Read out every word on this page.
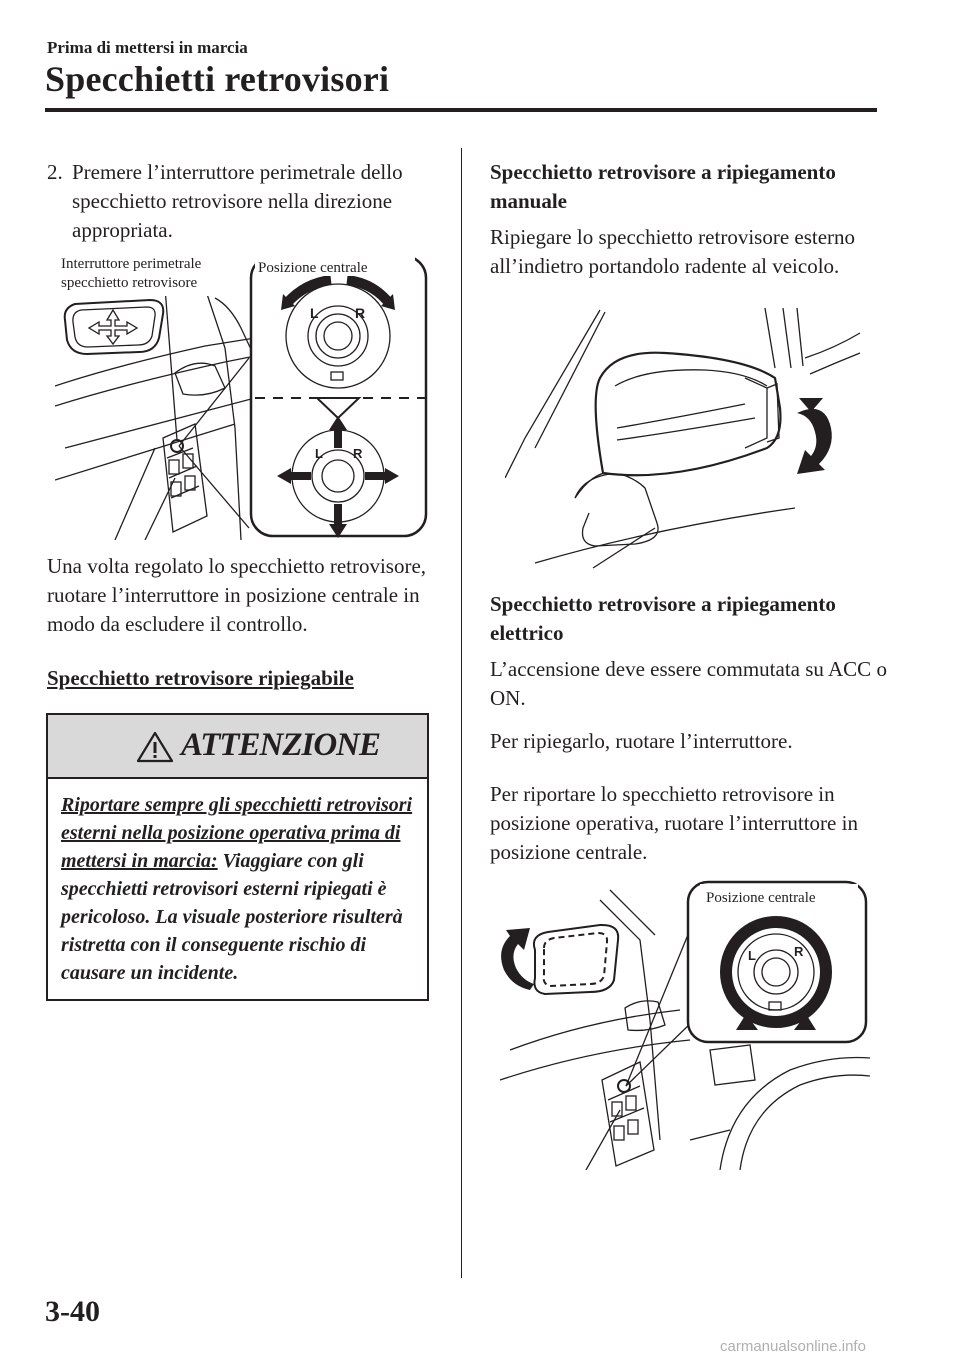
Prima di mettersi in marcia
Specchietti retrovisori
2. Premere l’interruttore perimetrale dello specchietto retrovisore nella direzione appropriata.
L	R
L R
Interruttore perimetrale
specchietto retrovisore
Posizione centrale
Una volta regolato lo specchietto retrovisore, ruotare l’interruttore in posizione centrale in modo da escludere il controllo.
Specchietto retrovisore ripiegabile
ATTENZIONE
Riportare sempre gli specchietti retrovisori esterni nella posizione operativa prima di mettersi in marcia: Viaggiare con gli specchietti retrovisori esterni ripiegati è pericoloso. La visuale posteriore risulterà ristretta con il conseguente rischio di causare un incidente.
Specchietto retrovisore a ripiegamento manuale
Ripiegare lo specchietto retrovisore esterno all’indietro portandolo radente al veicolo.
Specchietto retrovisore a ripiegamento elettrico
L’accensione deve essere commutata su ACC o ON.
Per ripiegarlo, ruotare l’interruttore.
Per riportare lo specchietto retrovisore in posizione operativa, ruotare l’interruttore in posizione centrale.
L	R
Posizione centrale
3-40
carmanualsonline.info
